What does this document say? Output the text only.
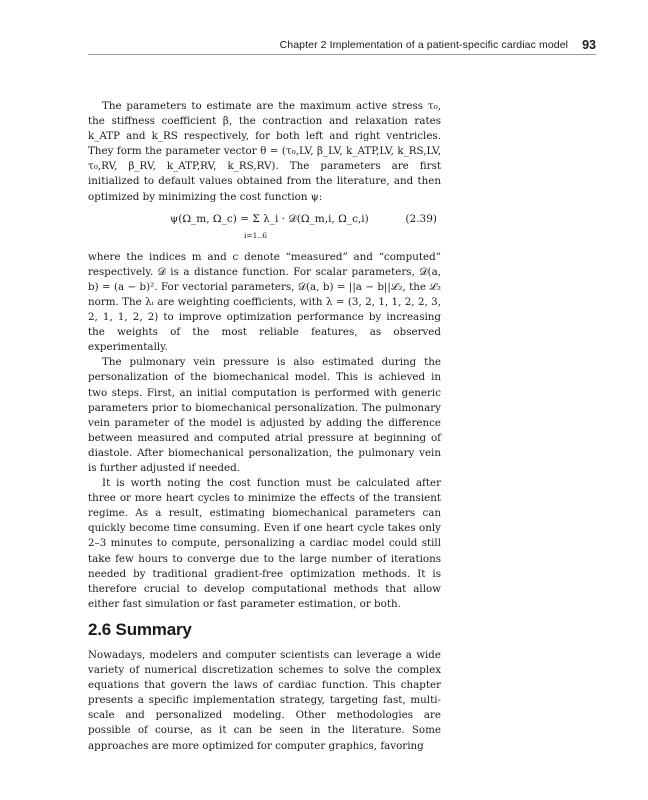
Chapter 2 Implementation of a patient-specific cardiac model 93

The parameters to estimate are the maximum active stress τ₀, the stiffness coefficient β, the contraction and relaxation rates k_ATP and k_RS respectively, for both left and right ventricles. They form the parameter vector θ = (τ₀,LV, β_LV, k_ATP,LV, k_RS,LV, τ₀,RV, β_RV, k_ATP,RV, k_RS,RV). The parameters are first initialized to default values obtained from the literature, and then optimized by minimizing the cost function ψ:

ψ(Ω_m, Ω_c) = Σ λ_i · 𝒟(Ω_m,i, Ω_c,i)
i=1..6
(2.39)

where the indices m and c denote “measured” and “computed” respectively. 𝒟 is a distance function. For scalar parameters, 𝒟(a, b) = (a − b)². For vectorial parameters, 𝒟(a, b) = ||a − b||ℒ₂, the ℒ₂ norm. The λᵢ are weighting coefficients, with λ = (3, 2, 1, 1, 2, 2, 3, 2, 1, 1, 2, 2) to improve optimization performance by increasing the weights of the most reliable features, as observed experimentally.

The pulmonary vein pressure is also estimated during the personalization of the biomechanical model. This is achieved in two steps. First, an initial computation is performed with generic parameters prior to biomechanical personalization. The pulmonary vein parameter of the model is adjusted by adding the difference between measured and computed atrial pressure at beginning of diastole. After biomechanical personalization, the pulmonary vein is further adjusted if needed.

It is worth noting the cost function must be calculated after three or more heart cycles to minimize the effects of the transient regime. As a result, estimating biomechanical parameters can quickly become time consuming. Even if one heart cycle takes only 2–3 minutes to compute, personalizing a cardiac model could still take few hours to converge due to the large number of iterations needed by traditional gradient-free optimization methods. It is therefore crucial to develop computational methods that allow either fast simulation or fast parameter estimation, or both.

2.6 Summary

Nowadays, modelers and computer scientists can leverage a wide variety of numerical discretization schemes to solve the complex equations that govern the laws of cardiac function. This chapter presents a specific implementation strategy, targeting fast, multi-scale and personalized modeling. Other methodologies are possible of course, as it can be seen in the literature. Some approaches are more optimized for computer graphics, favoring
